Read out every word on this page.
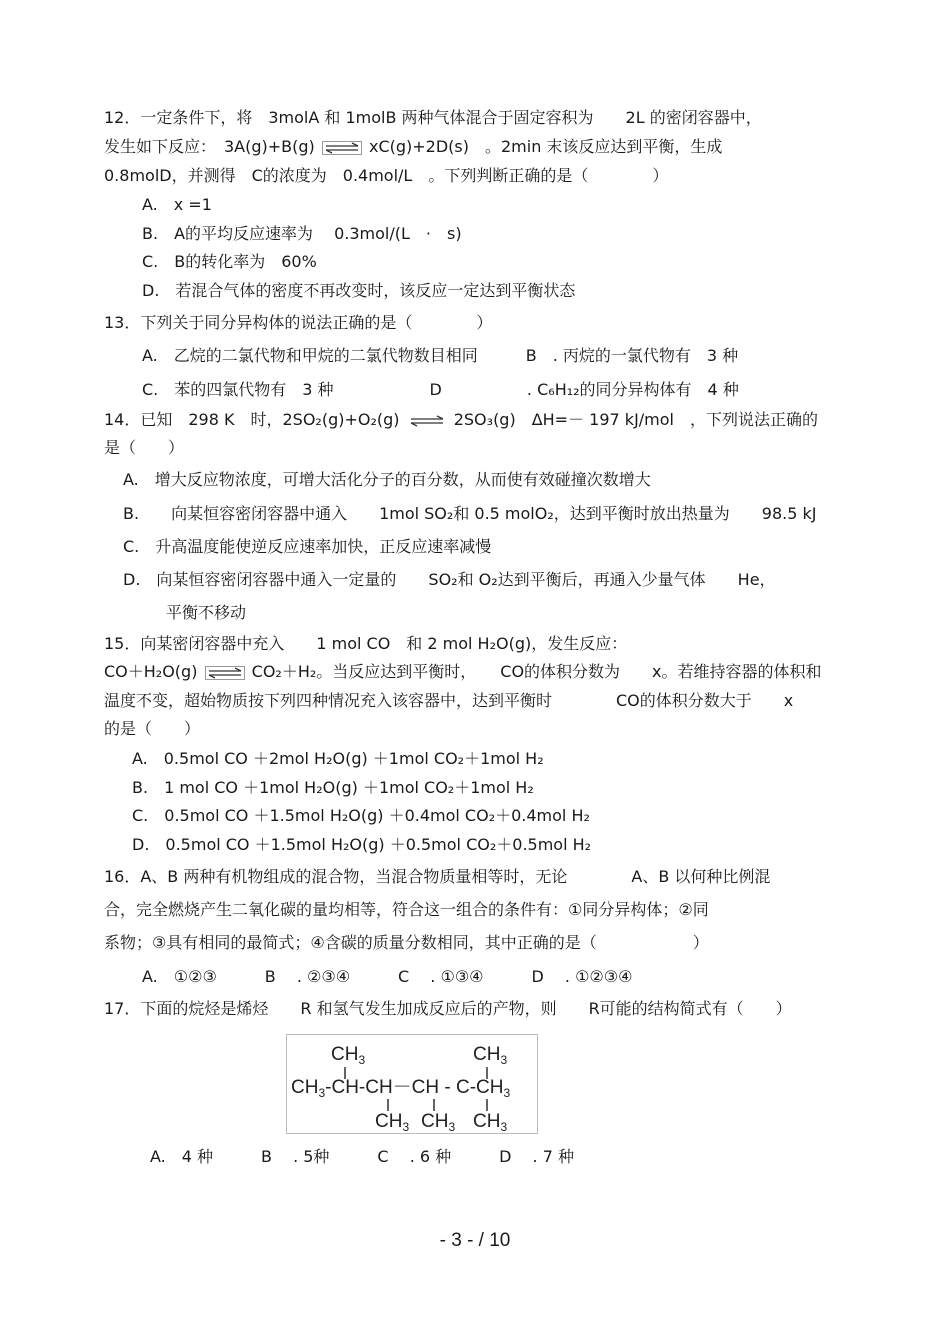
12．一定条件下，将　3molA 和 1molB 两种气体混合于固定容积为　　2L 的密闭容器中，
发生如下反应：　3A(g)+B(g)	xC(g)+2D(s)　。2min 末该反应达到平衡，生成
0.8molD，并测得　C的浓度为　0.4mol/L　。下列判断正确的是（　　　　）
A.　x =1
B.　A的平均反应速率为　 0.3mol/(L　·　s)
C.　B的转化率为　60%
D.　若混合气体的密度不再改变时，该反应一定达到平衡状态
13．下列关于同分异构体的说法正确的是（　　　　）
A.　乙烷的二氯代物和甲烷的二氯代物数目相同　　　B　. 丙烷的一氯代物有　3 种
C.　苯的四氯代物有　3 种　　　　　　D　　　　　 . C₆H₁₂的同分异构体有　4 种
14．已知　298 K　时，2SO₂(g)+O₂(g) ⇌ 2SO₃(g)　ΔH=－ 197 kJ/mol　，下列说法正确的
是（　　）
A.　增大反应物浓度，可增大活化分子的百分数，从而使有效碰撞次数增大
B.　　向某恒容密闭容器中通入　　1mol SO₂和 0.5 molO₂，达到平衡时放出热量为　　98.5 kJ
C.　升高温度能使逆反应速率加快，正反应速率减慢
D.　向某恒容密闭容器中通入一定量的　　SO₂和 O₂达到平衡后，再通入少量气体　　He，
平衡不移动
15．向某密闭容器中充入　　1 mol CO　和 2 mol H₂O(g)，发生反应：
CO＋H₂O(g)	CO₂＋H₂。当反应达到平衡时，　　CO的体积分数为　　x。若维持容器的体积和
温度不变，超始物质按下列四种情况充入该容器中，达到平衡时　　　　CO的体积分数大于　　x
的是（　　）
A.　0.5mol CO ＋2mol H₂O(g) ＋1mol CO₂＋1mol H₂
B.　1 mol CO ＋1mol H₂O(g) ＋1mol CO₂＋1mol H₂
C.　0.5mol CO ＋1.5mol H₂O(g) ＋0.4mol CO₂＋0.4mol H₂
D.　0.5mol CO ＋1.5mol H₂O(g) ＋0.5mol CO₂＋0.5mol H₂
16．A、B 两种有机物组成的混合物，当混合物质量相等时，无论　　　　A、B 以何种比例混
合，完全燃烧产生二氧化碳的量均相等，符合这一组合的条件有：①同分异构体；②同
系物；③具有相同的最简式；④含碳的质量分数相同，其中正确的是（　　　　　　）
A.　①②③　　　B　 . ②③④　　　C　 . ①③④　　　D　 . ①②③④
17．下面的烷烃是烯烃　　R 和氢气发生加成反应后的产物，则　　R可能的结构简式有（　　）
$CH_3$	$CH_3$
$CH_3-CH-CH-CH - C-CH_3$
$CH_3$ $CH_3$ $CH_3$
A.　4 种　　　B　 . 5种　　　C　 . 6 种　　　D　 . 7 种
- 3 - / 10
